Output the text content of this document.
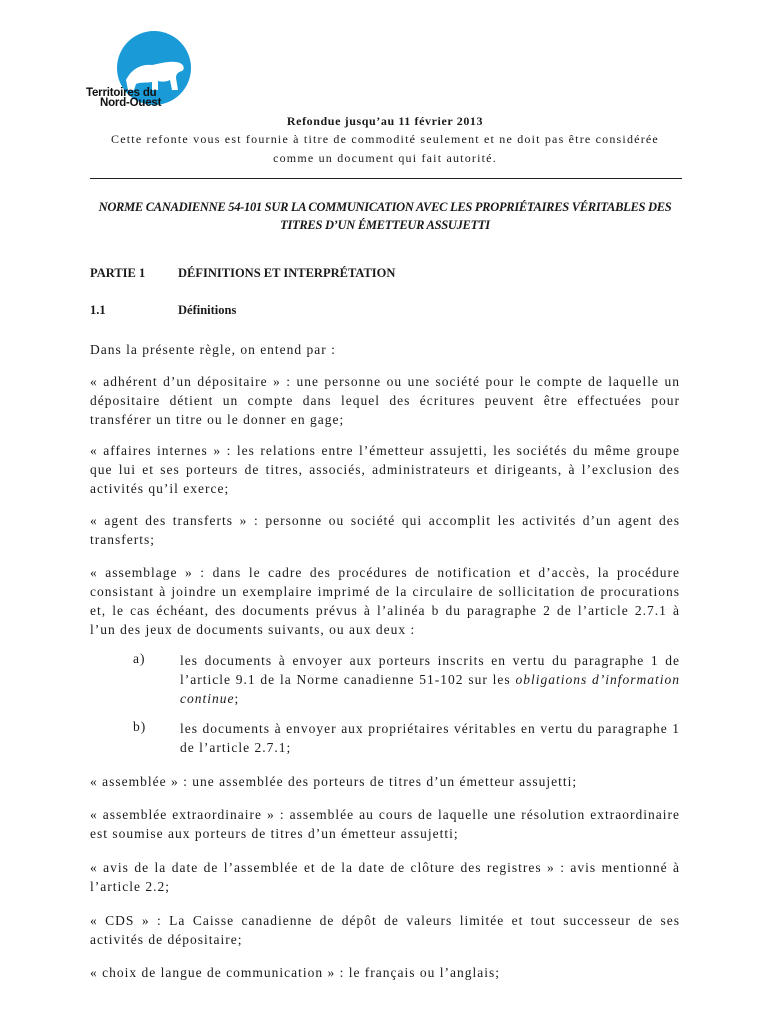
Territoires du
Nord-Ouest
Refondue jusqu’au 11 février 2013
Cette refonte vous est fournie à titre de commodité seulement et ne doit pas être considérée comme un document qui fait autorité.
NORME CANADIENNE 54-101 SUR LA COMMUNICATION AVEC LES PROPRIÉTAIRES VÉRITABLES DES TITRES D’UN ÉMETTEUR ASSUJETTI
PARTIE 1	DÉFINITIONS ET INTERPRÉTATION
1.1	Définitions
Dans la présente règle, on entend par :
« adhérent d’un dépositaire » : une personne ou une société pour le compte de laquelle un dépositaire détient un compte dans lequel des écritures peuvent être effectuées pour transférer un titre ou le donner en gage;
« affaires internes » : les relations entre l’émetteur assujetti, les sociétés du même groupe que lui et ses porteurs de titres, associés, administrateurs et dirigeants, à l’exclusion des activités qu’il exerce;
« agent des transferts » : personne ou société qui accomplit les activités d’un agent des transferts;
« assemblage » : dans le cadre des procédures de notification et d’accès, la procédure consistant à joindre un exemplaire imprimé de la circulaire de sollicitation de procurations et, le cas échéant, des documents prévus à l’alinéa b du paragraphe 2 de l’article 2.7.1 à l’un des jeux de documents suivants, ou aux deux :
a)	les documents à envoyer aux porteurs inscrits en vertu du paragraphe 1 de l’article 9.1 de la Norme canadienne 51-102 sur les obligations d’information continue;
b)	les documents à envoyer aux propriétaires véritables en vertu du paragraphe 1 de l’article 2.7.1;
« assemblée » : une assemblée des porteurs de titres d’un émetteur assujetti;
« assemblée extraordinaire » : assemblée au cours de laquelle une résolution extraordinaire est soumise aux porteurs de titres d’un émetteur assujetti;
« avis de la date de l’assemblée et de la date de clôture des registres » : avis mentionné à l’article 2.2;
« CDS » : La Caisse canadienne de dépôt de valeurs limitée et tout successeur de ses activités de dépositaire;
« choix de langue de communication » : le français ou l’anglais;
